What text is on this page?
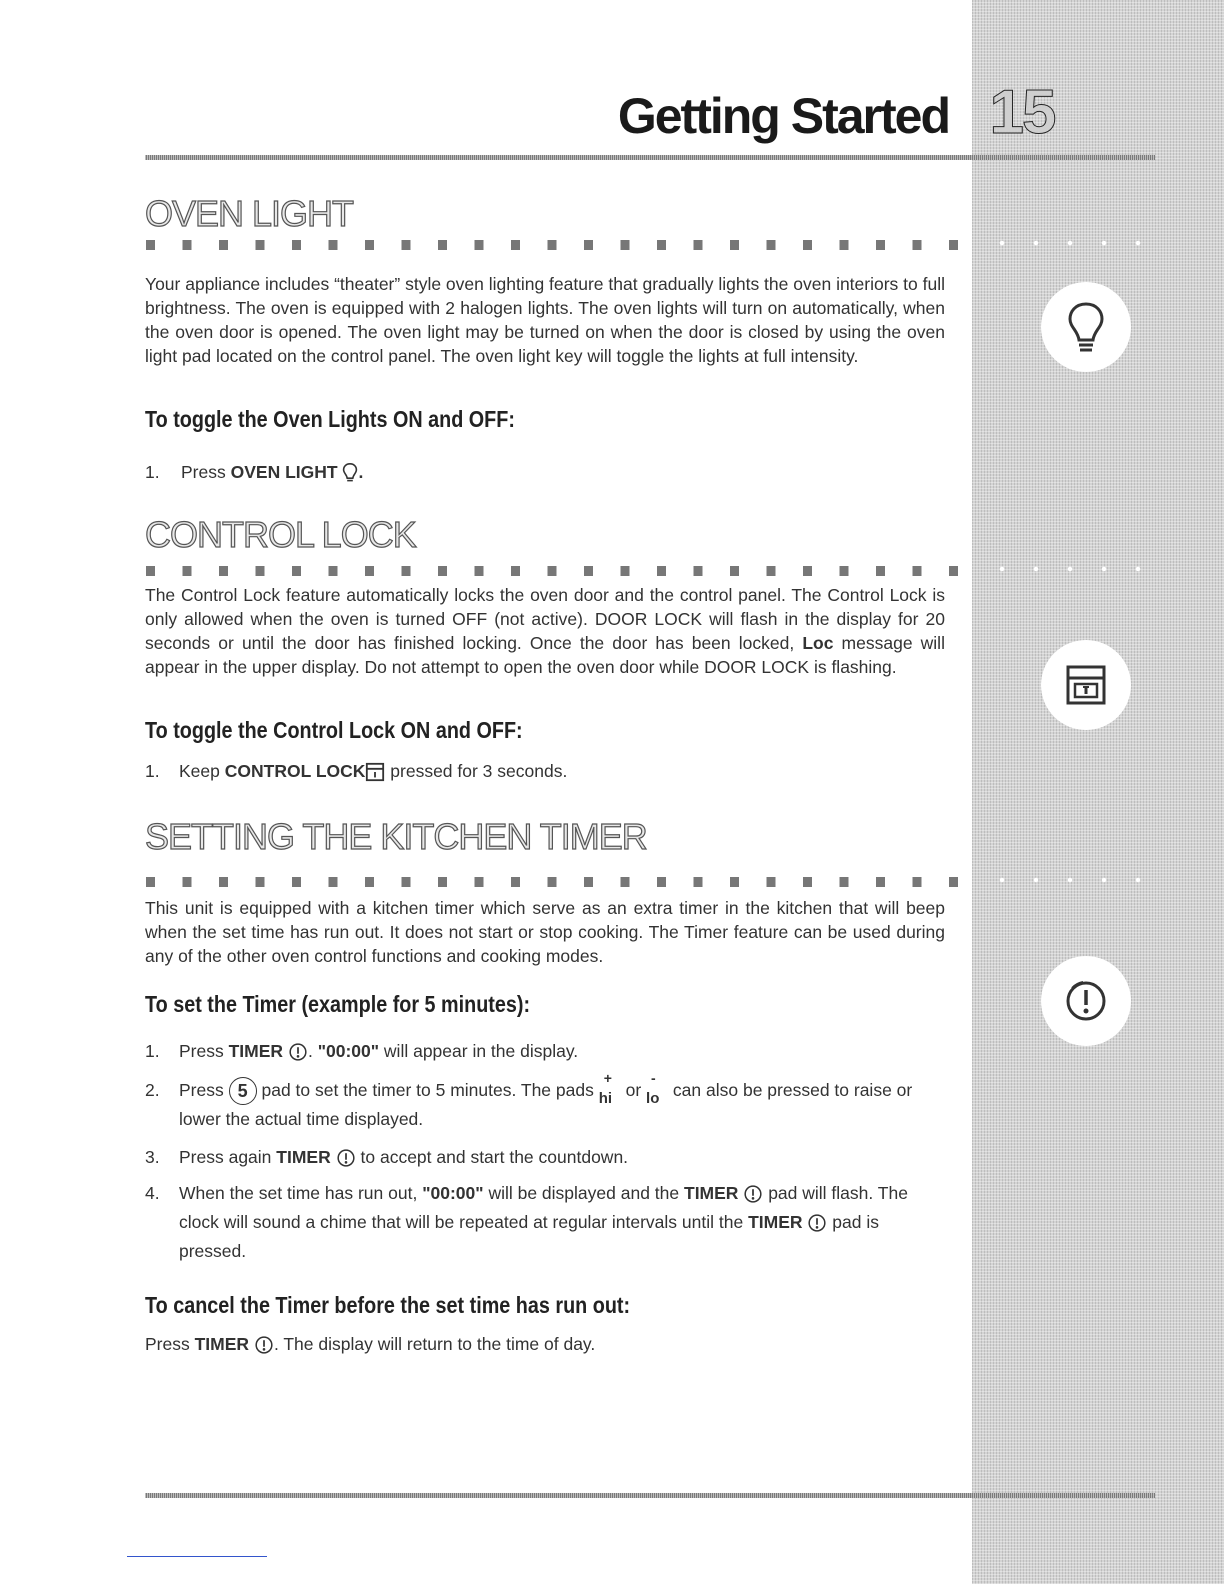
Getting Started 15
OVEN LIGHT
Your appliance includes “theater” style oven lighting feature that gradually lights the oven interiors to full brightness. The oven is equipped with 2 halogen lights. The oven lights will turn on automatically, when the oven door is opened. The oven light may be turned on when the door is closed by using the oven light pad located on the control panel. The oven light key will toggle the lights at full intensity.
To toggle the Oven Lights ON and OFF:
1. Press OVEN LIGHT .
CONTROL LOCK
The Control Lock feature automatically locks the oven door and the control panel. The Control Lock is only allowed when the oven is turned OFF (not active). DOOR LOCK will flash in the display for 20 seconds or until the door has finished locking. Once the door has been locked, Loc message will appear in the upper display. Do not attempt to open the oven door while DOOR LOCK is flashing.
To toggle the Control Lock ON and OFF:
1. Keep CONTROL LOCK pressed for 3 seconds.
SETTING THE KITCHEN TIMER
This unit is equipped with a kitchen timer which serve as an extra timer in the kitchen that will beep when the set time has run out. It does not start or stop cooking. The Timer feature can be used during any of the other oven control functions and cooking modes.
To set the Timer (example for 5 minutes):
1. Press TIMER . "00:00" will appear in the display.
2. Press 5 pad to set the timer to 5 minutes. The pads
+
hi or
-
lo can also be pressed to raise or lower the actual time displayed.
3. Press again TIMER to accept and start the countdown.
4. When the set time has run out, "00:00" will be displayed and the TIMER pad will flash. The clock will sound a chime that will be repeated at regular intervals until the TIMER pad is pressed.
To cancel the Timer before the set time has run out:
Press TIMER . The display will return to the time of day.
